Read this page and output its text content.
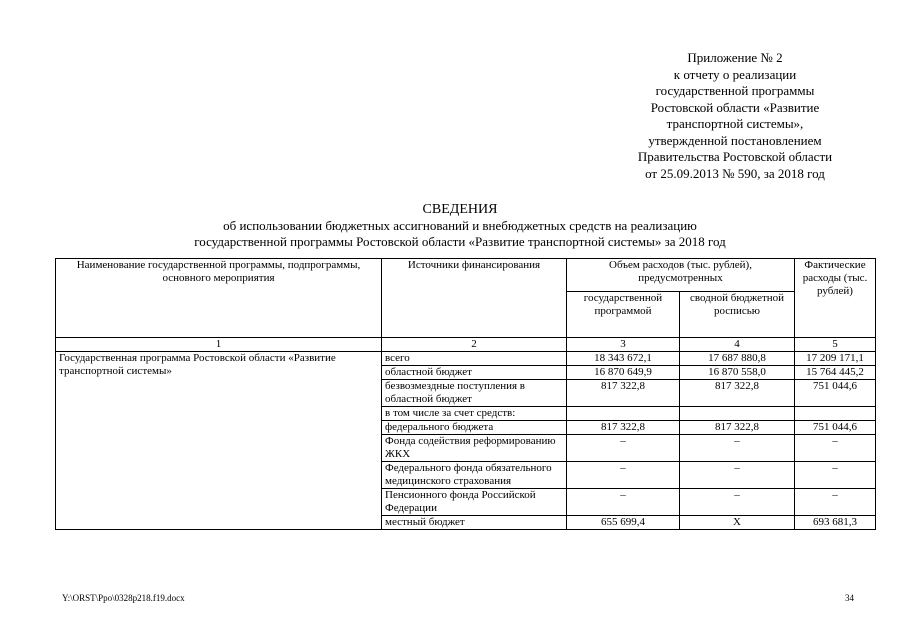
Приложение № 2
к отчету о реализации
государственной программы
Ростовской области «Развитие
транспортной системы»,
утвержденной постановлением
Правительства Ростовской области
от 25.09.2013 № 590, за 2018 год
СВЕДЕНИЯ
об использовании бюджетных ассигнований и внебюджетных средств на реализацию
государственной программы Ростовской области «Развитие транспортной системы» за 2018 год
Наименование государственной программы, подпрограммы, основного мероприятия	Источники финансирования	Объем расходов (тыс. рублей), предусмотренных		Фактические расходы (тыс. рублей)
		государственной программой	сводной бюджетной росписью	
1	2	3	4	5
Государственная программа Ростовской области «Развитие транспортной системы»	всего	18 343 672,1	17 687 880,8	17 209 171,1
	областной бюджет	16 870 649,9	16 870 558,0	15 764 445,2
	безвозмездные поступления в областной бюджет	817 322,8	817 322,8	751 044,6
	в том числе за счет средств:			
	федерального бюджета	817 322,8	817 322,8	751 044,6
	Фонда содействия реформированию ЖКХ	–	–	–
	Федерального фонда обязательного медицинского страхования	–	–	–
	Пенсионного фонда Российской Федерации	–	–	–
	местный бюджет	655 699,4	Х	693 681,3
Y:\ORST\Ppo\0328p218.f19.docx	34
